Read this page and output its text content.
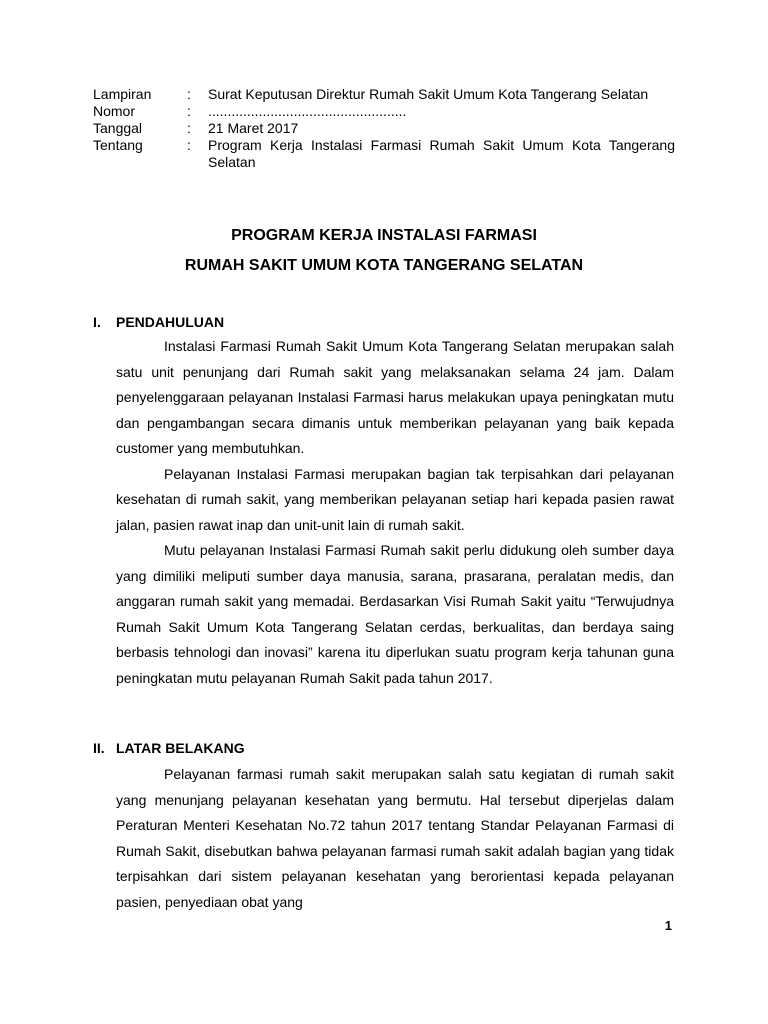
Lampiran	:	Surat Keputusan Direktur Rumah Sakit Umum Kota Tangerang Selatan
Nomor	:	...................................................
Tanggal	:	21 Maret 2017
Tentang	:	Program Kerja Instalasi Farmasi Rumah Sakit Umum Kota Tangerang Selatan
PROGRAM KERJA INSTALASI FARMASI
RUMAH SAKIT UMUM KOTA TANGERANG SELATAN
I.	PENDAHULUAN

Instalasi Farmasi Rumah Sakit Umum Kota Tangerang Selatan merupakan salah satu unit penunjang dari Rumah sakit yang melaksanakan selama 24 jam. Dalam penyelenggaraan pelayanan Instalasi Farmasi harus melakukan upaya peningkatan mutu dan pengambangan secara dimanis untuk memberikan pelayanan yang baik kepada customer yang membutuhkan.

Pelayanan Instalasi Farmasi merupakan bagian tak terpisahkan dari pelayanan kesehatan di rumah sakit, yang memberikan pelayanan setiap hari kepada pasien rawat jalan, pasien rawat inap dan unit-unit lain di rumah sakit.

Mutu pelayanan Instalasi Farmasi Rumah sakit perlu didukung oleh sumber daya yang dimiliki meliputi sumber daya manusia, sarana, prasarana, peralatan medis, dan anggaran rumah sakit yang memadai. Berdasarkan Visi Rumah Sakit yaitu “Terwujudnya Rumah Sakit Umum Kota Tangerang Selatan cerdas, berkualitas, dan berdaya saing berbasis tehnologi dan inovasi” karena itu diperlukan suatu program kerja tahunan guna peningkatan mutu pelayanan Rumah Sakit pada tahun 2017.

II. LATAR BELAKANG

Pelayanan farmasi rumah sakit merupakan salah satu kegiatan di rumah sakit yang menunjang pelayanan kesehatan yang bermutu. Hal tersebut diperjelas dalam Peraturan Menteri Kesehatan No.72 tahun 2017 tentang Standar Pelayanan Farmasi di Rumah Sakit, disebutkan bahwa pelayanan farmasi rumah sakit adalah bagian yang tidak terpisahkan dari sistem pelayanan kesehatan yang berorientasi kepada pelayanan pasien, penyediaan obat yang

1
